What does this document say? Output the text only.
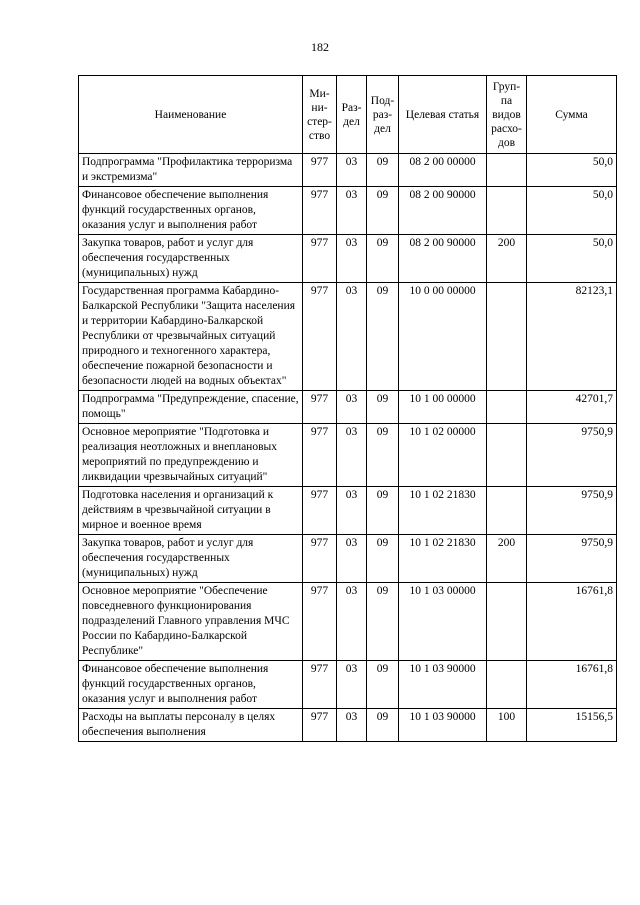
182
Наименование	Ми-ни-стер-ство	Раз-дел	Под-раз-дел	Целевая статья	Груп-па видов расхо-дов	Сумма
Подпрограмма "Профилактика терроризма и экстремизма"	977	03	09	08 2 00 00000		50,0
Финансовое обеспечение выполнения функций государственных органов, оказания услуг и выполнения работ	977	03	09	08 2 00 90000		50,0
Закупка товаров, работ и услуг для обеспечения государственных (муниципальных) нужд	977	03	09	08 2 00 90000	200	50,0
Государственная программа Кабардино-Балкарской Республики "Защита населения и территории Кабардино-Балкарской Республики от чрезвычайных ситуаций природного и техногенного характера, обеспечение пожарной безопасности и безопасности людей на водных объектах"	977	03	09	10 0 00 00000		82123,1
Подпрограмма "Предупреждение, спасение, помощь"	977	03	09	10 1 00 00000		42701,7
Основное мероприятие "Подготовка и реализация неотложных и внеплановых мероприятий по предупреждению и ликвидации чрезвычайных ситуаций"	977	03	09	10 1 02 00000		9750,9
Подготовка населения и организаций к действиям в чрезвычайной ситуации в мирное и военное время	977	03	09	10 1 02 21830		9750,9
Закупка товаров, работ и услуг для обеспечения государственных (муниципальных) нужд	977	03	09	10 1 02 21830	200	9750,9
Основное мероприятие "Обеспечение повседневного функционирования подразделений Главного управления МЧС России по Кабардино-Балкарской Республике"	977	03	09	10 1 03 00000		16761,8
Финансовое обеспечение выполнения функций государственных органов, оказания услуг и выполнения работ	977	03	09	10 1 03 90000		16761,8
Расходы на выплаты персоналу в целях обеспечения выполнения	977	03	09	10 1 03 90000	100	15156,5
